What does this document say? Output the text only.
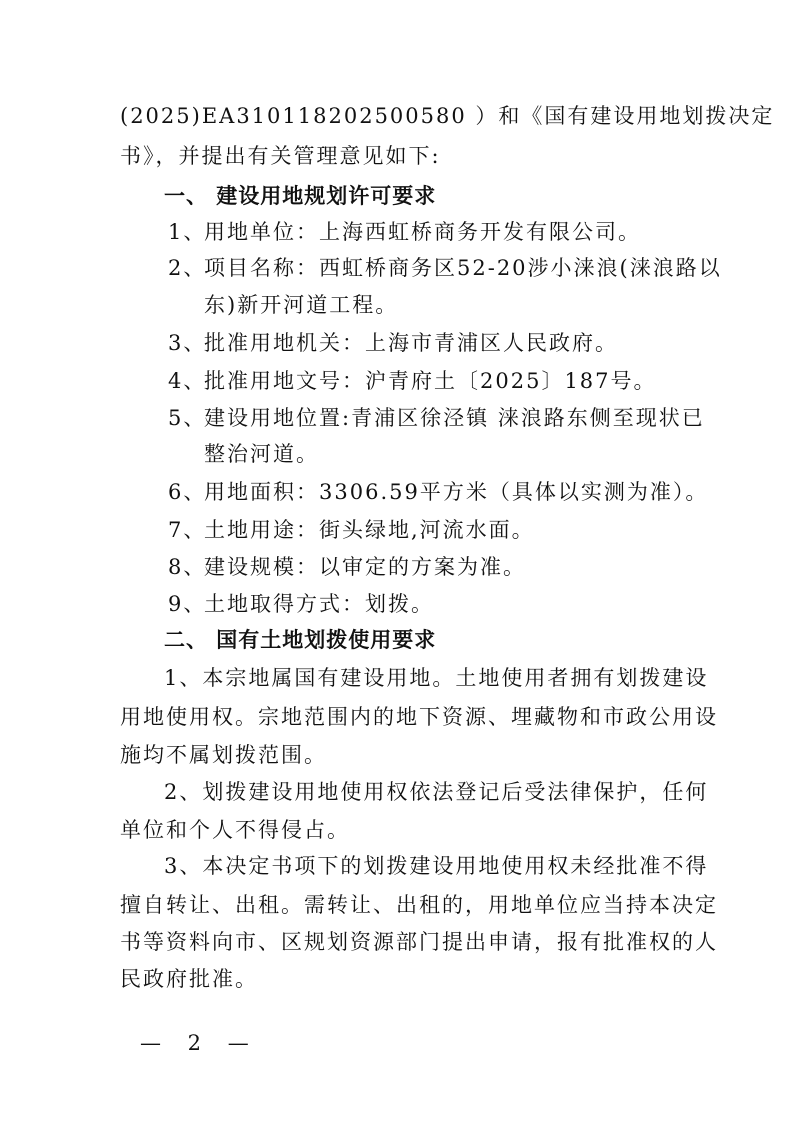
(2025)EA310118202500580 ）和《国有建设用地划拨决定
书》，并提出有关管理意见如下:
一、 建设用地规划许可要求
1、用地单位：上海西虹桥商务开发有限公司。
2、项目名称：西虹桥商务区52-20涉小涞浪(涞浪路以
东)新开河道工程。
3、批准用地机关：上海市青浦区人民政府。
4、批准用地文号：沪青府土〔2025〕187号。
5、建设用地位置:青浦区徐泾镇 涞浪路东侧至现状已
整治河道。
6、用地面积：3306.59平方米（具体以实测为准）。
7、土地用途：街头绿地,河流水面。
8、建设规模：以审定的方案为准。
9、土地取得方式：划拨。
二、 国有土地划拨使用要求
1、本宗地属国有建设用地。土地使用者拥有划拨建设
用地使用权。宗地范围内的地下资源、埋藏物和市政公用设
施均不属划拨范围。
2、划拨建设用地使用权依法登记后受法律保护，任何
单位和个人不得侵占。
3、本决定书项下的划拨建设用地使用权未经批准不得
擅自转让、出租。需转让、出租的，用地单位应当持本决定
书等资料向市、区规划资源部门提出申请，报有批准权的人
民政府批准。
— 2 —
